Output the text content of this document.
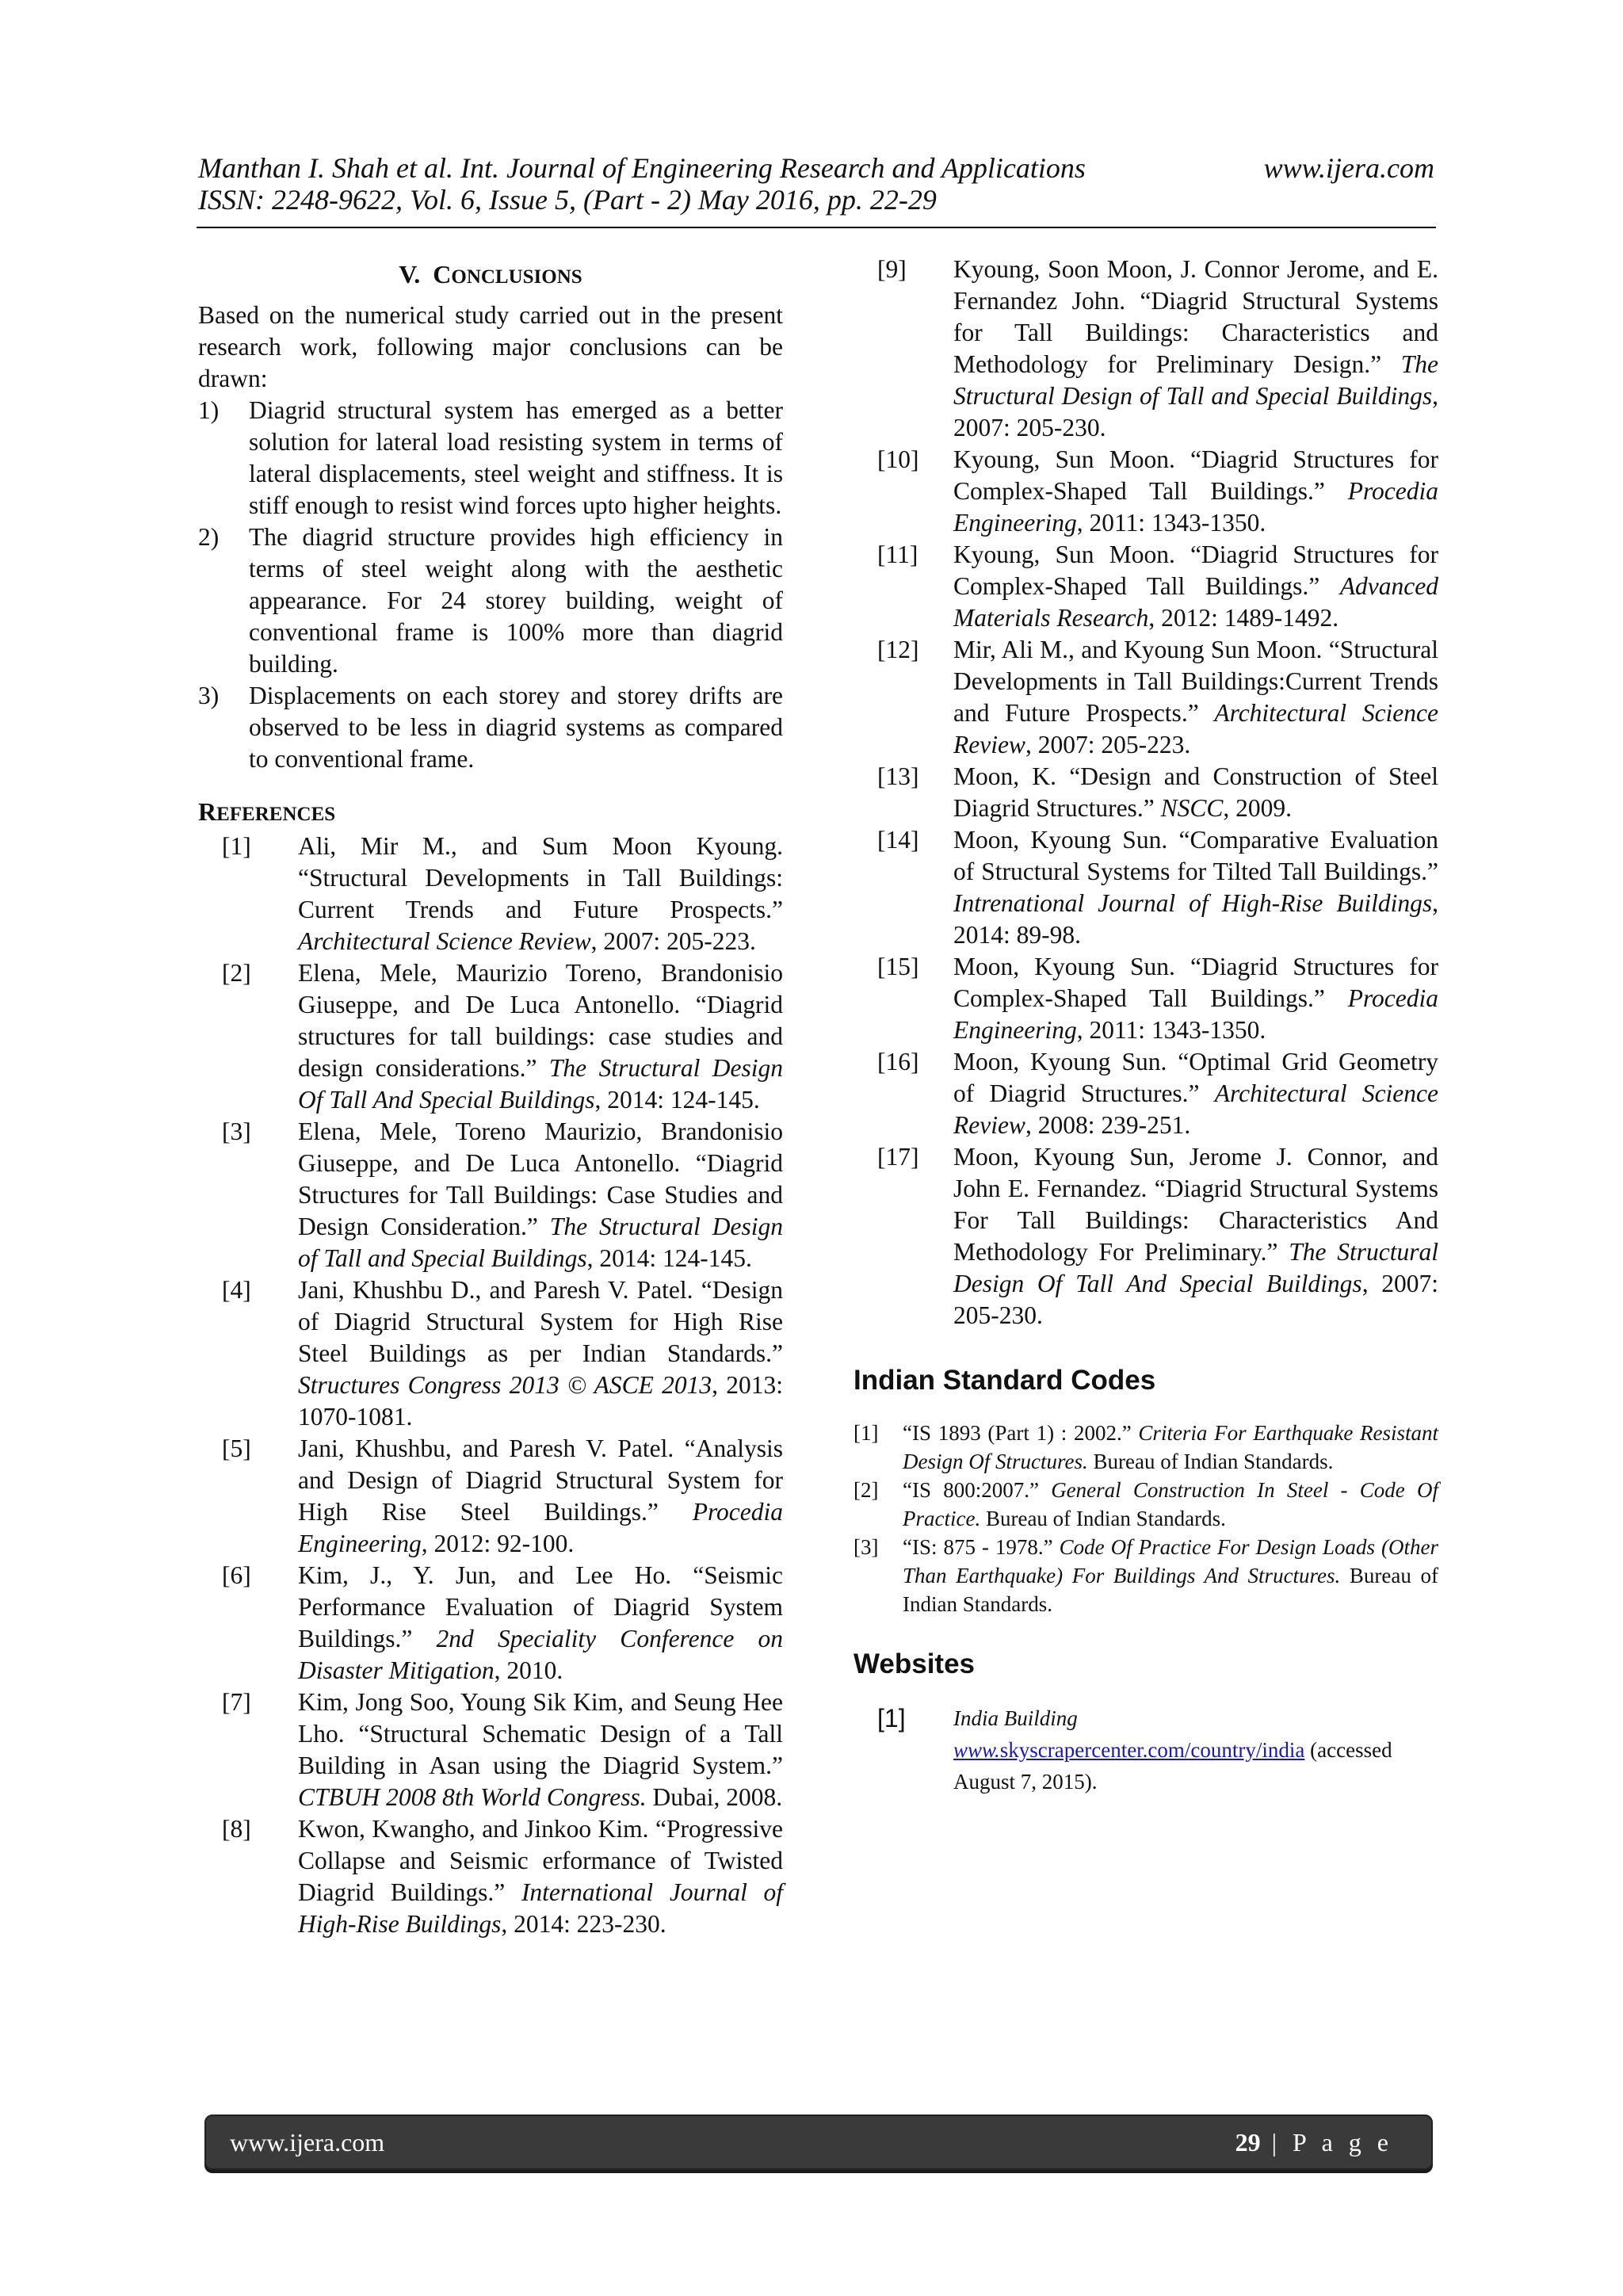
Manthan I. Shah et al. Int. Journal of Engineering Research and Applications	www.ijera.com
ISSN: 2248-9622, Vol. 6, Issue 5, (Part - 2) May 2016, pp. 22-29
V. CONCLUSIONS
Based on the numerical study carried out in the present research work, following major conclusions can be drawn:
1)	Diagrid structural system has emerged as a better solution for lateral load resisting system in terms of lateral displacements, steel weight and stiffness. It is stiff enough to resist wind forces upto higher heights.
2)	The diagrid structure provides high efficiency in terms of steel weight along with the aesthetic appearance. For 24 storey building, weight of conventional frame is 100% more than diagrid building.
3)	Displacements on each storey and storey drifts are observed to be less in diagrid systems as compared to conventional frame.
REFERENCES
[1]	Ali, Mir M., and Sum Moon Kyoung. “Structural Developments in Tall Buildings: Current Trends and Future Prospects.” Architectural Science Review, 2007: 205-223.
[2]	Elena, Mele, Maurizio Toreno, Brandonisio Giuseppe, and De Luca Antonello. “Diagrid structures for tall buildings: case studies and design considerations.” The Structural Design Of Tall And Special Buildings, 2014: 124-145.
[3]	Elena, Mele, Toreno Maurizio, Brandonisio Giuseppe, and De Luca Antonello. “Diagrid Structures for Tall Buildings: Case Studies and Design Consideration.” The Structural Design of Tall and Special Buildings, 2014: 124-145.
[4]	Jani, Khushbu D., and Paresh V. Patel. “Design of Diagrid Structural System for High Rise Steel Buildings as per Indian Standards.” Structures Congress 2013 © ASCE 2013, 2013: 1070-1081.
[5]	Jani, Khushbu, and Paresh V. Patel. “Analysis and Design of Diagrid Structural System for High Rise Steel Buildings.” Procedia Engineering, 2012: 92-100.
[6]	Kim, J., Y. Jun, and Lee Ho. “Seismic Performance Evaluation of Diagrid System Buildings.” 2nd Speciality Conference on Disaster Mitigation, 2010.
[7]	Kim, Jong Soo, Young Sik Kim, and Seung Hee Lho. “Structural Schematic Design of a Tall Building in Asan using the Diagrid System.” CTBUH 2008 8th World Congress. Dubai, 2008.
[8]	Kwon, Kwangho, and Jinkoo Kim. “Progressive Collapse and Seismic erformance of Twisted Diagrid Buildings.” International Journal of High-Rise Buildings, 2014: 223-230.
[9]	Kyoung, Soon Moon, J. Connor Jerome, and E. Fernandez John. “Diagrid Structural Systems for Tall Buildings: Characteristics and Methodology for Preliminary Design.” The Structural Design of Tall and Special Buildings, 2007: 205-230.
[10]	Kyoung, Sun Moon. “Diagrid Structures for Complex-Shaped Tall Buildings.” Procedia Engineering, 2011: 1343-1350.
[11]	Kyoung, Sun Moon. “Diagrid Structures for Complex-Shaped Tall Buildings.” Advanced Materials Research, 2012: 1489-1492.
[12]	Mir, Ali M., and Kyoung Sun Moon. “Structural Developments in Tall Buildings:Current Trends and Future Prospects.” Architectural Science Review, 2007: 205-223.
[13]	Moon, K. “Design and Construction of Steel Diagrid Structures.” NSCC, 2009.
[14]	Moon, Kyoung Sun. “Comparative Evaluation of Structural Systems for Tilted Tall Buildings.” Intrenational Journal of High-Rise Buildings, 2014: 89-98.
[15]	Moon, Kyoung Sun. “Diagrid Structures for Complex-Shaped Tall Buildings.” Procedia Engineering, 2011: 1343-1350.
[16]	Moon, Kyoung Sun. “Optimal Grid Geometry of Diagrid Structures.” Architectural Science Review, 2008: 239-251.
[17]	Moon, Kyoung Sun, Jerome J. Connor, and John E. Fernandez. “Diagrid Structural Systems For Tall Buildings: Characteristics And Methodology For Preliminary.” The Structural Design Of Tall And Special Buildings, 2007: 205-230.
Indian Standard Codes
[1]	“IS 1893 (Part 1) : 2002.” Criteria For Earthquake Resistant Design Of Structures. Bureau of Indian Standards.
[2]	“IS 800:2007.” General Construction In Steel - Code Of Practice. Bureau of Indian Standards.
[3]	“IS: 875 - 1978.” Code Of Practice For Design Loads (Other Than Earthquake) For Buildings And Structures. Bureau of Indian Standards.
Websites
[1]	India Building
www.skyscrapercenter.com/country/india (accessed August 7, 2015).
www.ijera.com	29 | P a g e
